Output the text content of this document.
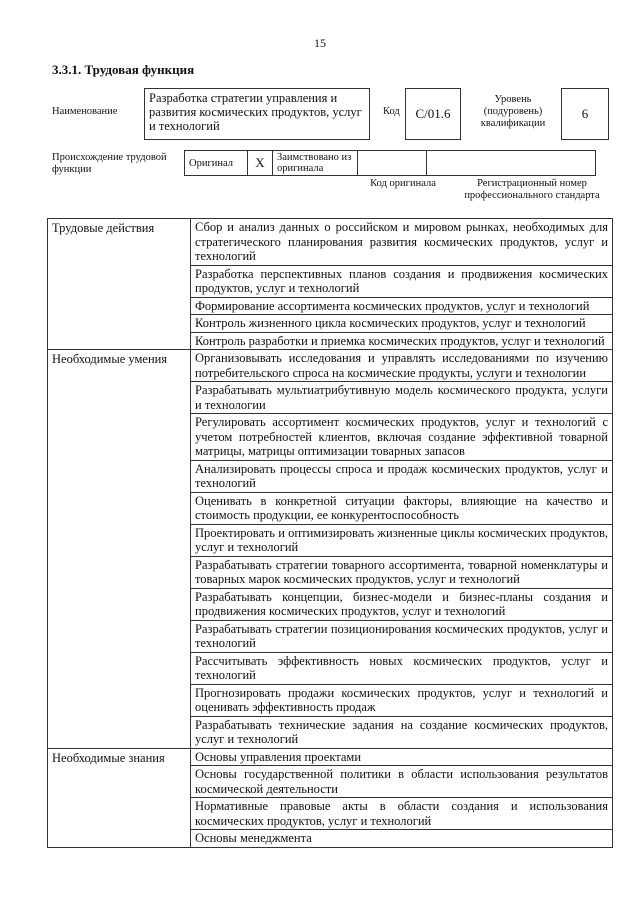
15
3.3.1. Трудовая функция
Наименование
Разработка стратегии управления и развития космических продуктов, услуг и технологий
Код	C/01.6
Уровень (подуровень) квалификации
6
Происхождение трудовой функции
Оригинал	X	Заимствовано из оригинала		
Код оригинала	Регистрационный номер профессионального стандарта
Трудовые действия	Сбор и анализ данных о российском и мировом рынках, необходимых для стратегического планирования развития космических продуктов, услуг и технологий
	Разработка перспективных планов создания и продвижения космических продуктов, услуг и технологий
	Формирование ассортимента космических продуктов, услуг и технологий
	Контроль жизненного цикла космических продуктов, услуг и технологий
	Контроль разработки и приемка космических продуктов, услуг и технологий
Необходимые умения	Организовывать исследования и управлять исследованиями по изучению потребительского спроса на космические продукты, услуги и технологии
	Разрабатывать мультиатрибутивную модель космического продукта, услуги и технологии
	Регулировать ассортимент космических продуктов, услуг и технологий с учетом потребностей клиентов, включая создание эффективной товарной матрицы, матрицы оптимизации товарных запасов
	Анализировать процессы спроса и продаж космических продуктов, услуг и технологий
	Оценивать в конкретной ситуации факторы, влияющие на качество и стоимость продукции, ее конкурентоспособность
	Проектировать и оптимизировать жизненные циклы космических продуктов, услуг и технологий
	Разрабатывать стратегии товарного ассортимента, товарной номенклатуры и товарных марок космических продуктов, услуг и технологий
	Разрабатывать концепции, бизнес-модели и бизнес-планы создания и продвижения космических продуктов, услуг и технологий
	Разрабатывать стратегии позиционирования космических продуктов, услуг и технологий
	Рассчитывать эффективность новых космических продуктов, услуг и технологий
	Прогнозировать продажи космических продуктов, услуг и технологий и оценивать эффективность продаж
	Разрабатывать технические задания на создание космических продуктов, услуг и технологий
Необходимые знания	Основы управления проектами
	Основы государственной политики в области использования результатов космической деятельности
	Нормативные правовые акты в области создания и использования космических продуктов, услуг и технологий
	Основы менеджмента
